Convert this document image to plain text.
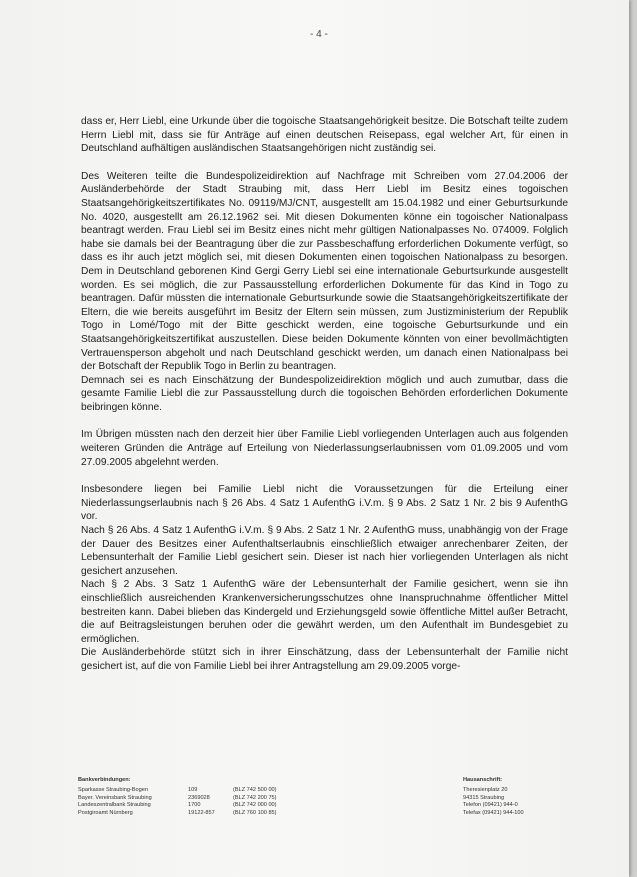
- 4 -

dass er, Herr Liebl, eine Urkunde über die togoische Staatsangehörigkeit besitze. Die Botschaft teilte zudem Herrn Liebl mit, dass sie für Anträge auf einen deutschen Reisepass, egal welcher Art, für einen in Deutschland aufhältigen ausländischen Staatsangehörigen nicht zuständig sei.

Des Weiteren teilte die Bundespolizeidirektion auf Nachfrage mit Schreiben vom 27.04.2006 der Ausländerbehörde der Stadt Straubing mit, dass Herr Liebl im Besitz eines togoischen Staatsangehörigkeitszertifikates No. 09119/MJ/CNT, ausgestellt am 15.04.1982 und einer Geburtsurkunde No. 4020, ausgestellt am 26.12.1962 sei. Mit diesen Dokumenten könne ein togoischer Nationalpass beantragt werden. Frau Liebl sei im Besitz eines nicht mehr gültigen Nationalpasses No. 074009. Folglich habe sie damals bei der Beantragung über die zur Passbeschaffung erforderlichen Dokumente verfügt, so dass es ihr auch jetzt möglich sei, mit diesen Dokumenten einen togoischen Nationalpass zu besorgen. Dem in Deutschland geborenen Kind Gergi Gerry Liebl sei eine internationale Geburtsurkunde ausgestellt worden. Es sei möglich, die zur Passausstellung erforderlichen Dokumente für das Kind in Togo zu beantragen. Dafür müssten die internationale Geburtsurkunde sowie die Staatsangehörigkeitszertifikate der Eltern, die wie bereits ausgeführt im Besitz der Eltern sein müssen, zum Justizministerium der Republik Togo in Lomé/Togo mit der Bitte geschickt werden, eine togoische Geburtsurkunde und ein Staatsangehörigkeitszertifikat auszustellen. Diese beiden Dokumente könnten von einer bevollmächtigten Vertrauensperson abgeholt und nach Deutschland geschickt werden, um danach einen Nationalpass bei der Botschaft der Republik Togo in Berlin zu beantragen.

Demnach sei es nach Einschätzung der Bundespolizeidirektion möglich und auch zumutbar, dass die gesamte Familie Liebl die zur Passausstellung durch die togoischen Behörden erforderlichen Dokumente beibringen könne.

Im Übrigen müssten nach den derzeit hier über Familie Liebl vorliegenden Unterlagen auch aus folgenden weiteren Gründen die Anträge auf Erteilung von Niederlassungserlaubnissen vom 01.09.2005 und vom 27.09.2005 abgelehnt werden.

Insbesondere liegen bei Familie Liebl nicht die Voraussetzungen für die Erteilung einer Niederlassungserlaubnis nach § 26 Abs. 4 Satz 1 AufenthG i.V.m. § 9 Abs. 2 Satz 1 Nr. 2 bis 9 AufenthG vor.

Nach § 26 Abs. 4 Satz 1 AufenthG i.V.m. § 9 Abs. 2 Satz 1 Nr. 2 AufenthG muss, unabhängig von der Frage der Dauer des Besitzes einer Aufenthaltserlaubnis einschließlich etwaiger anrechenbarer Zeiten, der Lebensunterhalt der Familie Liebl gesichert sein. Dieser ist nach hier vorliegenden Unterlagen als nicht gesichert anzusehen.

Nach § 2 Abs. 3 Satz 1 AufenthG wäre der Lebensunterhalt der Familie gesichert, wenn sie ihn einschließlich ausreichenden Krankenversicherungsschutzes ohne Inanspruchnahme öffentlicher Mittel bestreiten kann. Dabei blieben das Kindergeld und Erziehungsgeld sowie öffentliche Mittel außer Betracht, die auf Beitragsleistungen beruhen oder die gewährt werden, um den Aufenthalt im Bundesgebiet zu ermöglichen.

Die Ausländerbehörde stützt sich in ihrer Einschätzung, dass der Lebensunterhalt der Familie nicht gesichert ist, auf die von Familie Liebl bei ihrer Antragstellung am 29.09.2005 vorge-

Bankverbindungen:
Sparkasse Straubing-Bogen	109	(BLZ 742 500 00)
Bayer. Vereinsbank Straubing	2369028	(BLZ 742 200 75)
Landeszentralbank Straubing	1700	(BLZ 742 000 00)
Postgiroamt Nürnberg	19122-857	(BLZ 760 100 85)
Hausanschrift:
Theresienplatz 20
94315 Straubing
Telefon (09421) 944-0
Telefax (09421) 944-100
